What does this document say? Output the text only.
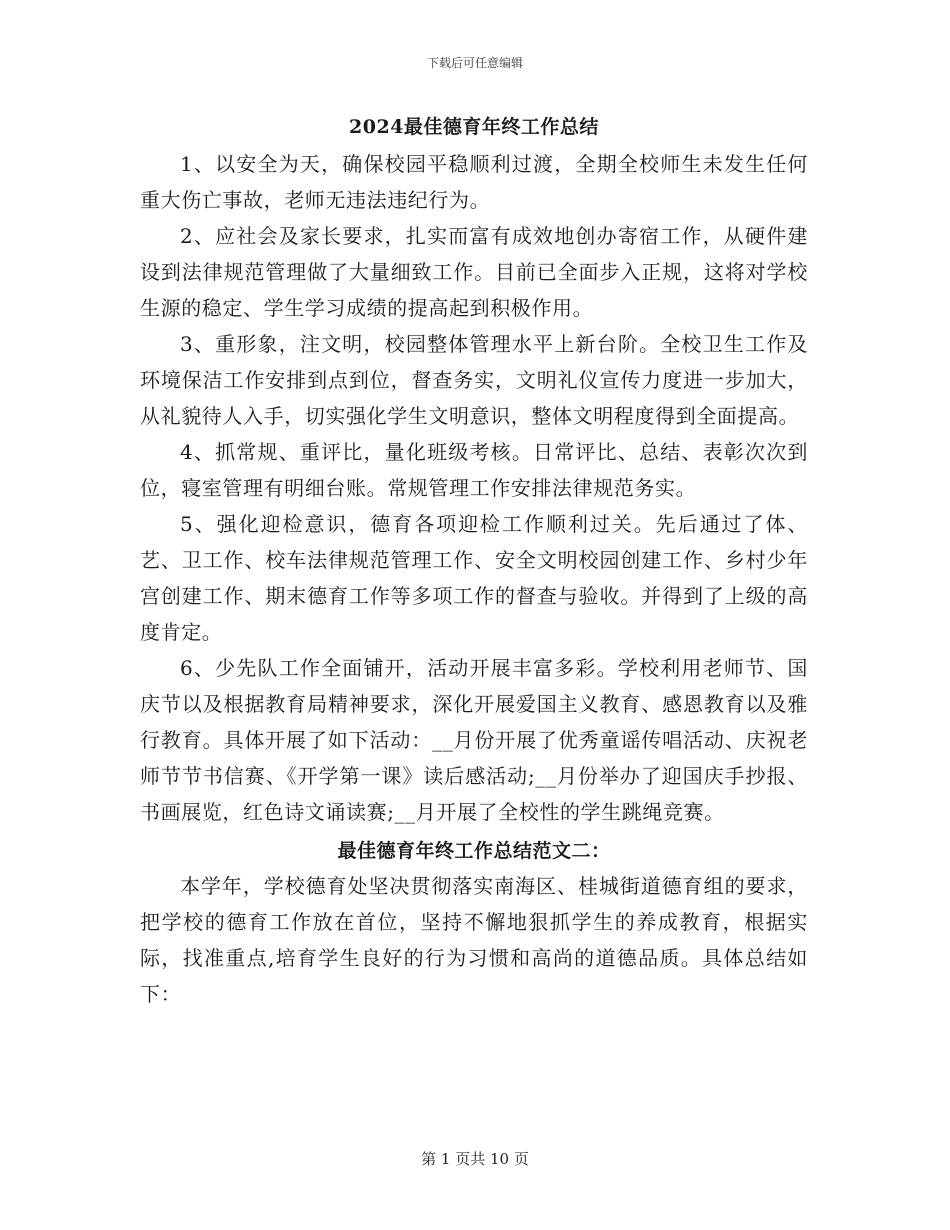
下载后可任意编辑
2024最佳德育年终工作总结

1、以安全为天，确保校园平稳顺利过渡，全期全校师生未发生任何重大伤亡事故，老师无违法违纪行为。

2、应社会及家长要求，扎实而富有成效地创办寄宿工作，从硬件建设到法律规范管理做了大量细致工作。目前已全面步入正规，这将对学校生源的稳定、学生学习成绩的提高起到积极作用。

3、重形象，注文明，校园整体管理水平上新台阶。全校卫生工作及环境保洁工作安排到点到位，督查务实，文明礼仪宣传力度进一步加大，从礼貌待人入手，切实强化学生文明意识，整体文明程度得到全面提高。

4、抓常规、重评比，量化班级考核。日常评比、总结、表彰次次到位，寝室管理有明细台账。常规管理工作安排法律规范务实。

5、强化迎检意识，德育各项迎检工作顺利过关。先后通过了体、艺、卫工作、校车法律规范管理工作、安全文明校园创建工作、乡村少年宫创建工作、期末德育工作等多项工作的督查与验收。并得到了上级的高度肯定。

6、少先队工作全面铺开，活动开展丰富多彩。学校利用老师节、国庆节以及根据教育局精神要求，深化开展爱国主义教育、感恩教育以及雅行教育。具体开展了如下活动：__月份开展了优秀童谣传唱活动、庆祝老师节节书信赛、《开学第一课》读后感活动;__月份举办了迎国庆手抄报、书画展览，红色诗文诵读赛;__月开展了全校性的学生跳绳竞赛。

最佳德育年终工作总结范文二：

本学年，学校德育处坚决贯彻落实南海区、桂城街道德育组的要求，把学校的德育工作放在首位，坚持不懈地狠抓学生的养成教育，根据实际，找准重点,培育学生良好的行为习惯和高尚的道德品质。具体总结如下：

第 1 页共 10 页
